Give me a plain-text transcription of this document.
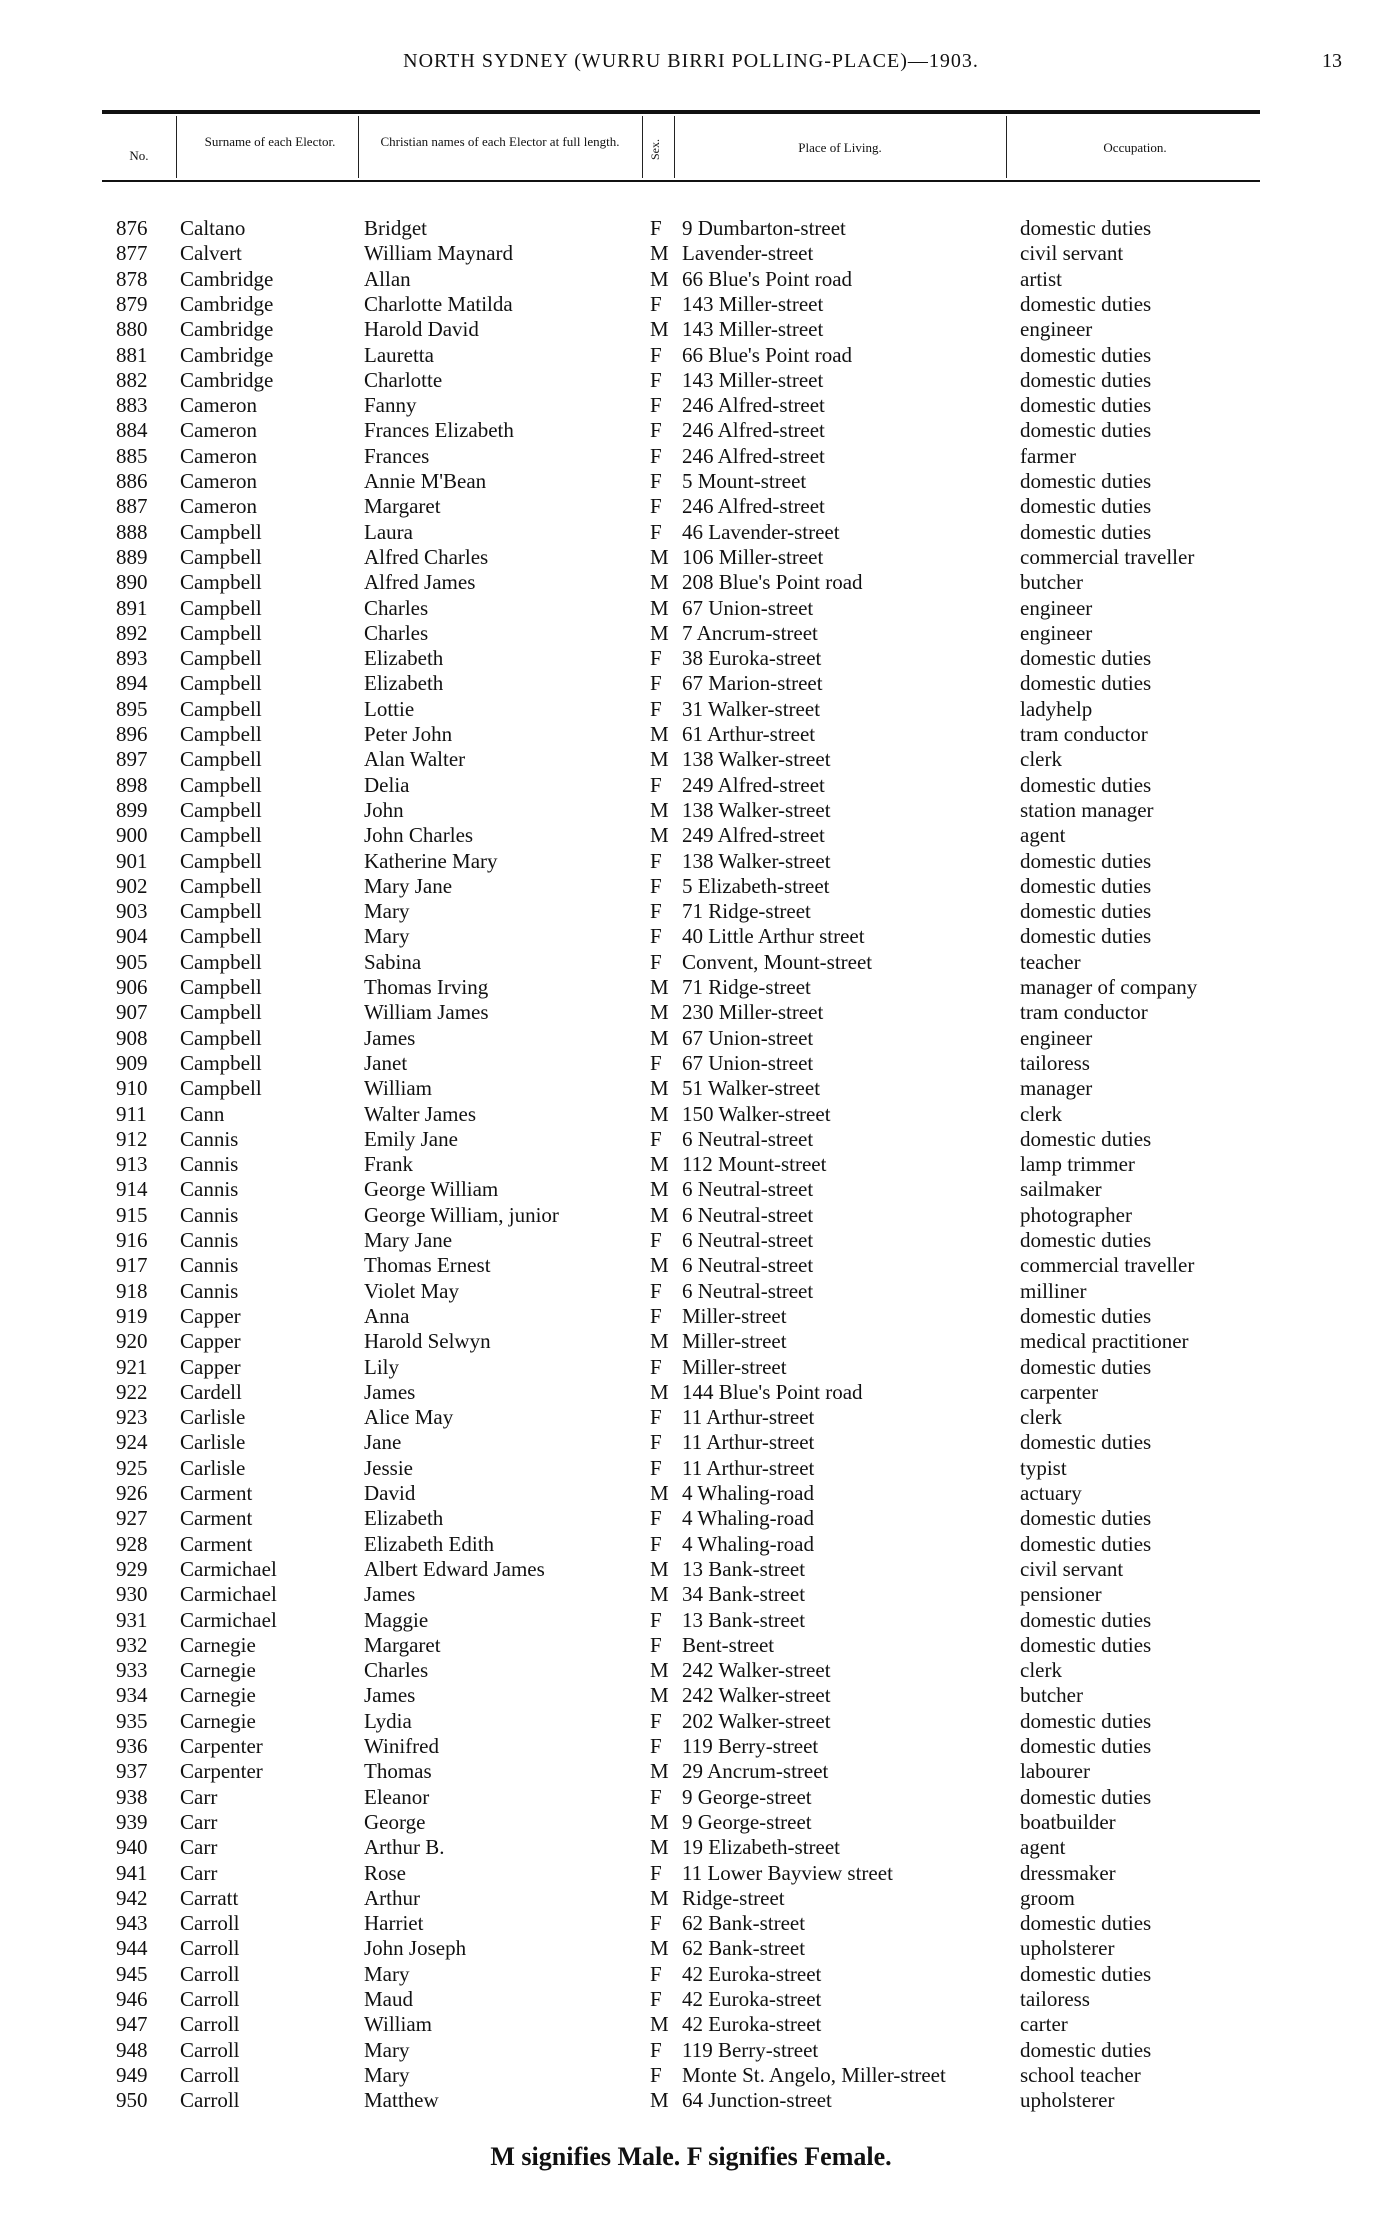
NORTH SYDNEY (WURRU BIRRI POLLING-PLACE)—1903.	13
No.
Surname of each Elector.	Christian names of each Elector at full length.	Sex.	Place of Living.	Occupation.
876 Caltano	Bridget	F 9 Dumbarton-street	domestic duties
877 Calvert	William Maynard	M Lavender-street	civil servant
878 Cambridge	Allan	M 66 Blue's Point road	artist
879 Cambridge	Charlotte Matilda	F 143 Miller-street	domestic duties
880 Cambridge	Harold David	M 143 Miller-street	engineer
881 Cambridge	Lauretta	F 66 Blue's Point road	domestic duties
882 Cambridge	Charlotte	F 143 Miller-street	domestic duties
883 Cameron	Fanny	F 246 Alfred-street	domestic duties
884 Cameron	Frances Elizabeth	F 246 Alfred-street	domestic duties
885 Cameron	Frances	F 246 Alfred-street	farmer
886 Cameron	Annie M'Bean	F 5 Mount-street	domestic duties
887 Cameron	Margaret	F 246 Alfred-street	domestic duties
888 Campbell	Laura	F 46 Lavender-street	domestic duties
889 Campbell	Alfred Charles	M 106 Miller-street	commercial traveller
890 Campbell	Alfred James	M 208 Blue's Point road	butcher
891 Campbell	Charles	M 67 Union-street	engineer
892 Campbell	Charles	M 7 Ancrum-street	engineer
893 Campbell	Elizabeth	F 38 Euroka-street	domestic duties
894 Campbell	Elizabeth	F 67 Marion-street	domestic duties
895 Campbell	Lottie	F 31 Walker-street	ladyhelp
896 Campbell	Peter John	M 61 Arthur-street	tram conductor
897 Campbell	Alan Walter	M 138 Walker-street	clerk
898 Campbell	Delia	F 249 Alfred-street	domestic duties
899 Campbell	John	M 138 Walker-street	station manager
900 Campbell	John Charles	M 249 Alfred-street	agent
901 Campbell	Katherine Mary	F 138 Walker-street	domestic duties
902 Campbell	Mary Jane	F 5 Elizabeth-street	domestic duties
903 Campbell	Mary	F 71 Ridge-street	domestic duties
904 Campbell	Mary	F 40 Little Arthur street	domestic duties
905 Campbell	Sabina	F Convent, Mount-street	teacher
906 Campbell	Thomas Irving	M 71 Ridge-street	manager of company
907 Campbell	William James	M 230 Miller-street	tram conductor
908 Campbell	James	M 67 Union-street	engineer
909 Campbell	Janet	F 67 Union-street	tailoress
910 Campbell	William	M 51 Walker-street	manager
911 Cann	Walter James	M 150 Walker-street	clerk
912 Cannis	Emily Jane	F 6 Neutral-street	domestic duties
913 Cannis	Frank	M 112 Mount-street	lamp trimmer
914 Cannis	George William	M 6 Neutral-street	sailmaker
915 Cannis	George William, junior	M 6 Neutral-street	photographer
916 Cannis	Mary Jane	F 6 Neutral-street	domestic duties
917 Cannis	Thomas Ernest	M 6 Neutral-street	commercial traveller
918 Cannis	Violet May	F 6 Neutral-street	milliner
919 Capper	Anna	F Miller-street	domestic duties
920 Capper	Harold Selwyn	M Miller-street	medical practitioner
921 Capper	Lily	F Miller-street	domestic duties
922 Cardell	James	M 144 Blue's Point road	carpenter
923 Carlisle	Alice May	F 11 Arthur-street	clerk
924 Carlisle	Jane	F 11 Arthur-street	domestic duties
925 Carlisle	Jessie	F 11 Arthur-street	typist
926 Carment	David	M 4 Whaling-road	actuary
927 Carment	Elizabeth	F 4 Whaling-road	domestic duties
928 Carment	Elizabeth Edith	F 4 Whaling-road	domestic duties
929 Carmichael	Albert Edward James	M 13 Bank-street	civil servant
930 Carmichael	James	M 34 Bank-street	pensioner
931 Carmichael	Maggie	F 13 Bank-street	domestic duties
932 Carnegie	Margaret	F Bent-street	domestic duties
933 Carnegie	Charles	M 242 Walker-street	clerk
934 Carnegie	James	M 242 Walker-street	butcher
935 Carnegie	Lydia	F 202 Walker-street	domestic duties
936 Carpenter	Winifred	F 119 Berry-street	domestic duties
937 Carpenter	Thomas	M 29 Ancrum-street	labourer
938 Carr	Eleanor	F 9 George-street	domestic duties
939 Carr	George	M 9 George-street	boatbuilder
940 Carr	Arthur B.	M 19 Elizabeth-street	agent
941 Carr	Rose	F 11 Lower Bayview street	dressmaker
942 Carratt	Arthur	M Ridge-street	groom
943 Carroll	Harriet	F 62 Bank-street	domestic duties
944 Carroll	John Joseph	M 62 Bank-street	upholsterer
945 Carroll	Mary	F 42 Euroka-street	domestic duties
946 Carroll	Maud	F 42 Euroka-street	tailoress
947 Carroll	William	M 42 Euroka-street	carter
948 Carroll	Mary	F 119 Berry-street	domestic duties
949 Carroll	Mary	F Monte St. Angelo, Miller-street	school teacher
950 Carroll	Matthew	M 64 Junction-street	upholsterer
M signifies Male. F signifies Female.
